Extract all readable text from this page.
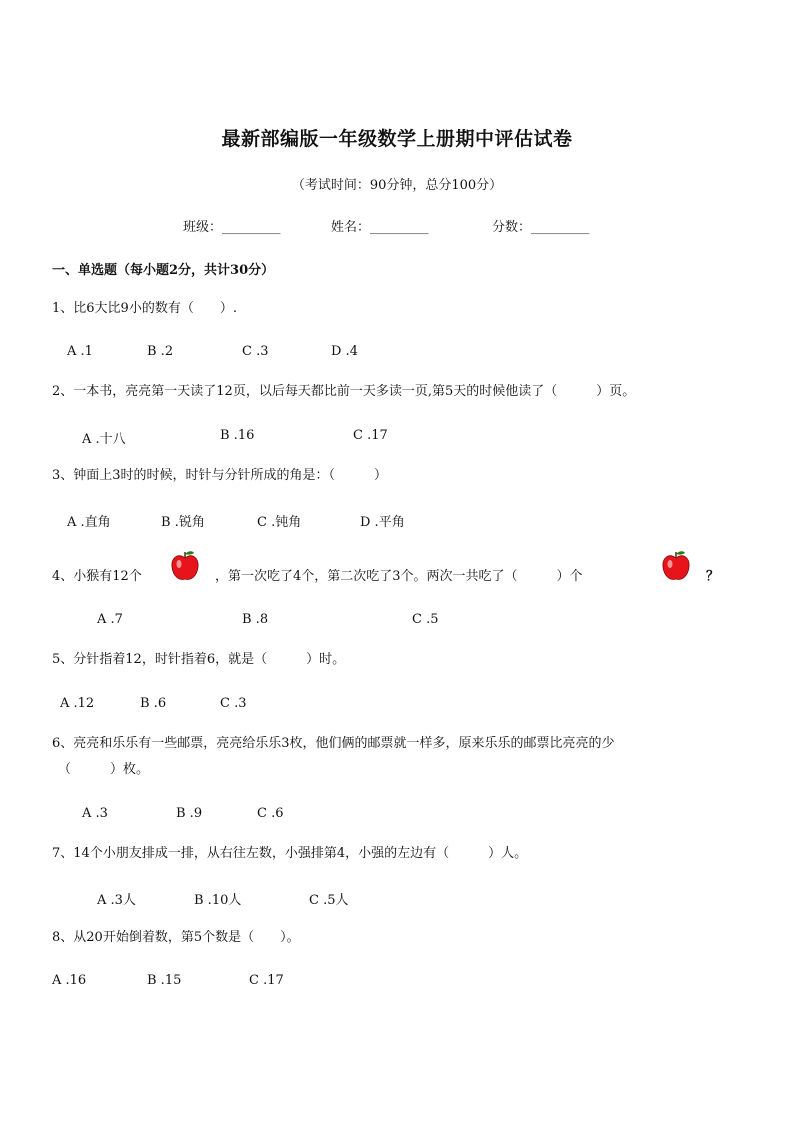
最新部编版一年级数学上册期中评估试卷
（考试时间：90分钟，总分100分）
班级：_________	姓名：_________	分数：_________
一、单选题（每小题2分，共计30分）
1、比6大比9小的数有（　　）.
A .1	B .2	C .3	D .4
2、一本书，亮亮第一天读了12页，以后每天都比前一天多读一页,第5天的时候他读了（　　　）页。
A .十八	B .16	C .17
3、钟面上3时的时候，时针与分针所成的角是：（　　　）
A .直角	B .锐角	C .钝角	D .平角
4、小猴有12个	，第一次吃了4个，第二次吃了3个。两次一共吃了（　　　）个	？
A .7	B .8	C .5
5、分针指着12，时针指着6，就是（　　　）时。
A .12	B .6	C .3
6、亮亮和乐乐有一些邮票，亮亮给乐乐3枚，他们俩的邮票就一样多，原来乐乐的邮票比亮亮的少
（　　　）枚。
A .3	B .9	C .6
7、14个小朋友排成一排，从右往左数，小强排第4，小强的左边有（　　　）人。
A .3人	B .10人	C .5人
8、从20开始倒着数，第5个数是（　　）。
A .16	B .15	C .17
